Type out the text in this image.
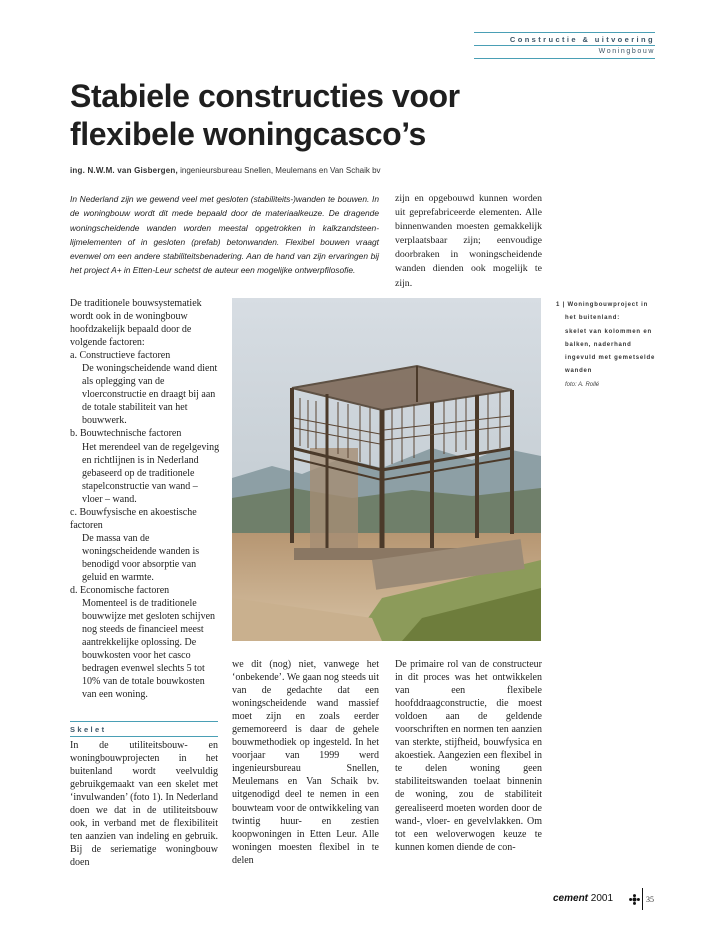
Constructie & uitvoering
Woningbouw
Stabiele constructies voor
flexibele woningcasco’s
ing. N.W.M. van Gisbergen, ingenieursbureau Snellen, Meulemans en Van Schaik bv

In Nederland zijn we gewend veel met gesloten (stabiliteits-)wanden te bouwen. In de woningbouw wordt dit mede bepaald door de materiaalkeuze. De dragende woningscheidende wanden worden meestal opgetrokken in kalkzandsteen-lijmelementen of in gesloten (prefab) betonwanden. Flexibel bouwen vraagt evenwel om een andere stabiliteitsbenadering. Aan de hand van zijn ervaringen bij het project A+ in Etten-Leur schetst de auteur een mogelijke ontwerpfilosofie.

zijn en opgebouwd kunnen worden uit geprefabriceerde elementen. Alle binnenwanden moesten gemakkelijk verplaatsbaar zijn; eenvoudige doorbraken in woningscheidende wanden dienden ook mogelijk te zijn.

De traditionele bouwsystematiek wordt ook in de woningbouw hoofdzakelijk bepaald door de volgende factoren:
a. Constructieve factoren
De woningscheidende wand dient als oplegging van de vloerconstructie en draagt bij aan de totale stabiliteit van het bouwwerk.
b. Bouwtechnische factoren
Het merendeel van de regelgeving en richtlijnen is in Nederland gebaseerd op de traditionele stapelconstructie van wand – vloer – wand.
c. Bouwfysische en akoestische factoren
De massa van de woningscheidende wanden is benodigd voor absorptie van geluid en warmte.
d. Economische factoren
Momenteel is de traditionele bouwwijze met gesloten schijven nog steeds de financieel meest aantrekkelijke oplossing. De bouwkosten voor het casco bedragen evenwel slechts 5 tot 10% van de totale bouwkosten van een woning.
Skelet

In de utiliteitsbouw- en woningbouwprojecten in het buitenland wordt veelvuldig gebruikgemaakt van een skelet met ‘invulwanden’ (foto 1). In Nederland doen we dat in de utiliteitsbouw ook, in verband met de flexibiliteit ten aanzien van indeling en gebruik. Bij de seriematige woningbouw doen

1 | Woningbouwproject in
het buitenland:
skelet van kolommen en
balken, naderhand
ingevuld met gemetselde
wanden
foto: A. Rollé

we dit (nog) niet, vanwege het ‘onbekende’. We gaan nog steeds uit van de gedachte dat een woningscheidende wand massief moet zijn en zoals eerder gememoreerd is daar de gehele bouwmethodiek op ingesteld. In het voorjaar van 1999 werd ingenieursbureau Snellen, Meulemans en Van Schaik bv. uitgenodigd deel te nemen in een bouwteam voor de ontwikkeling van twintig huur- en zestien koopwoningen in Etten Leur. Alle woningen moesten flexibel in te delen

De primaire rol van de constructeur in dit proces was het ontwikkelen van een flexibele hoofddraagconstructie, die moest voldoen aan de geldende voorschriften en normen ten aanzien van sterkte, stijfheid, bouwfysica en akoestiek. Aangezien een flexibel in te delen woning geen stabiliteitswanden toelaat binnenin de woning, zou de stabiliteit gerealiseerd moeten worden door de wand-, vloer- en gevelvlakken. Om tot een weloverwogen keuze te kunnen komen diende de con-

cement 2001	35
